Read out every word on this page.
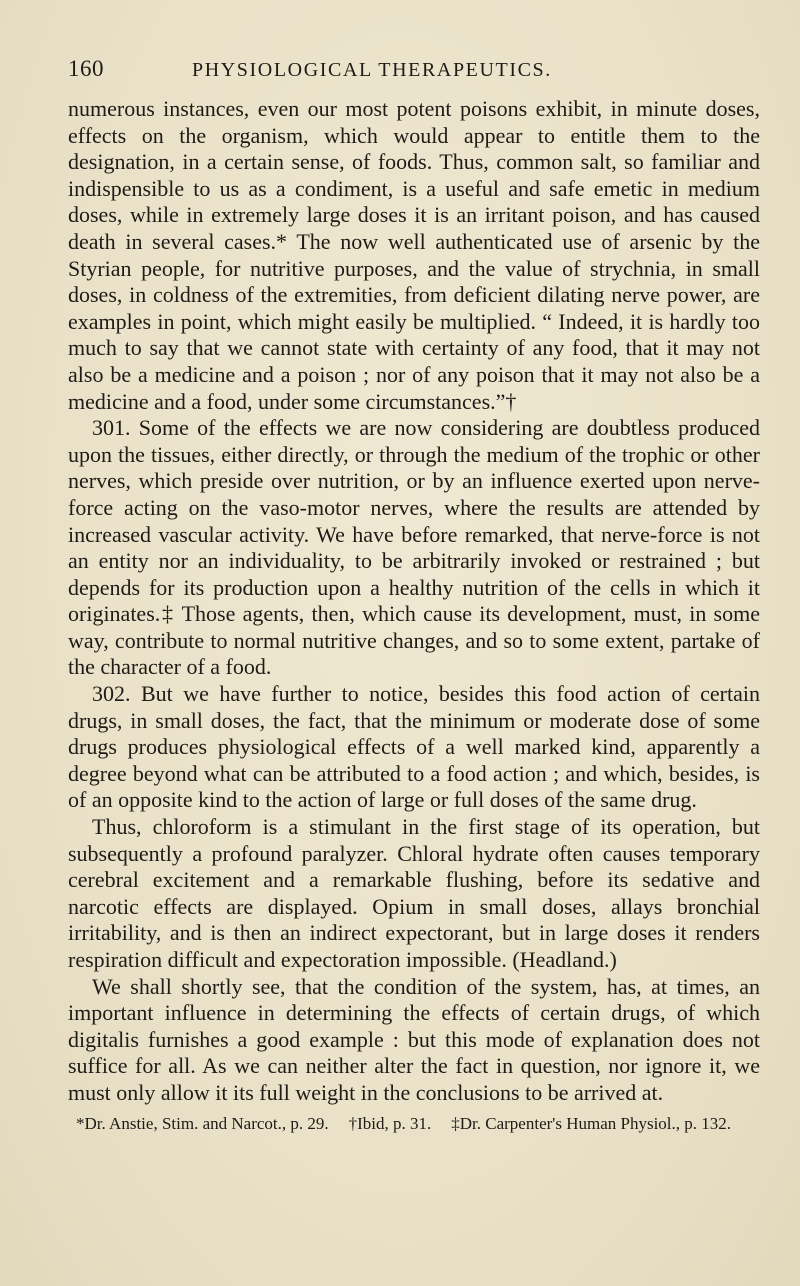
160	PHYSIOLOGICAL THERAPEUTICS.

numerous instances, even our most potent poisons exhibit, in minute doses, effects on the organism, which would appear to entitle them to the designation, in a certain sense, of foods. Thus, common salt, so familiar and indispensible to us as a condiment, is a useful and safe emetic in medium doses, while in extremely large doses it is an irritant poison, and has caused death in several cases.* The now well authenticated use of arsenic by the Styrian people, for nutritive purposes, and the value of strychnia, in small doses, in coldness of the extremities, from deficient dilating nerve power, are examples in point, which might easily be multiplied. “ Indeed, it is hardly too much to say that we cannot state with certainty of any food, that it may not also be a medicine and a poison ; nor of any poison that it may not also be a medicine and a food, under some circumstances.”†

301. Some of the effects we are now considering are doubtless produced upon the tissues, either directly, or through the medium of the trophic or other nerves, which preside over nutrition, or by an influence exerted upon nerve-force acting on the vaso-motor nerves, where the results are attended by increased vascular activity. We have before remarked, that nerve-force is not an entity nor an individuality, to be arbitrarily invoked or restrained ; but depends for its production upon a healthy nutrition of the cells in which it originates.‡ Those agents, then, which cause its development, must, in some way, contribute to normal nutritive changes, and so to some extent, partake of the character of a food.

302. But we have further to notice, besides this food action of certain drugs, in small doses, the fact, that the minimum or moderate dose of some drugs produces physiological effects of a well marked kind, apparently a degree beyond what can be attributed to a food action ; and which, besides, is of an opposite kind to the action of large or full doses of the same drug.

Thus, chloroform is a stimulant in the first stage of its operation, but subsequently a profound paralyzer. Chloral hydrate often causes temporary cerebral excitement and a remarkable flushing, before its sedative and narcotic effects are displayed. Opium in small doses, allays bronchial irritability, and is then an indirect expectorant, but in large doses it renders respiration difficult and expectoration impossible. (Headland.)

We shall shortly see, that the condition of the system, has, at times, an important influence in determining the effects of certain drugs, of which digitalis furnishes a good example : but this mode of explanation does not suffice for all. As we can neither alter the fact in question, nor ignore it, we must only allow it its full weight in the conclusions to be arrived at.

*Dr. Anstie, Stim. and Narcot., p. 29. †Ibid, p. 31. ‡Dr. Carpenter's Human Physiol., p. 132.
